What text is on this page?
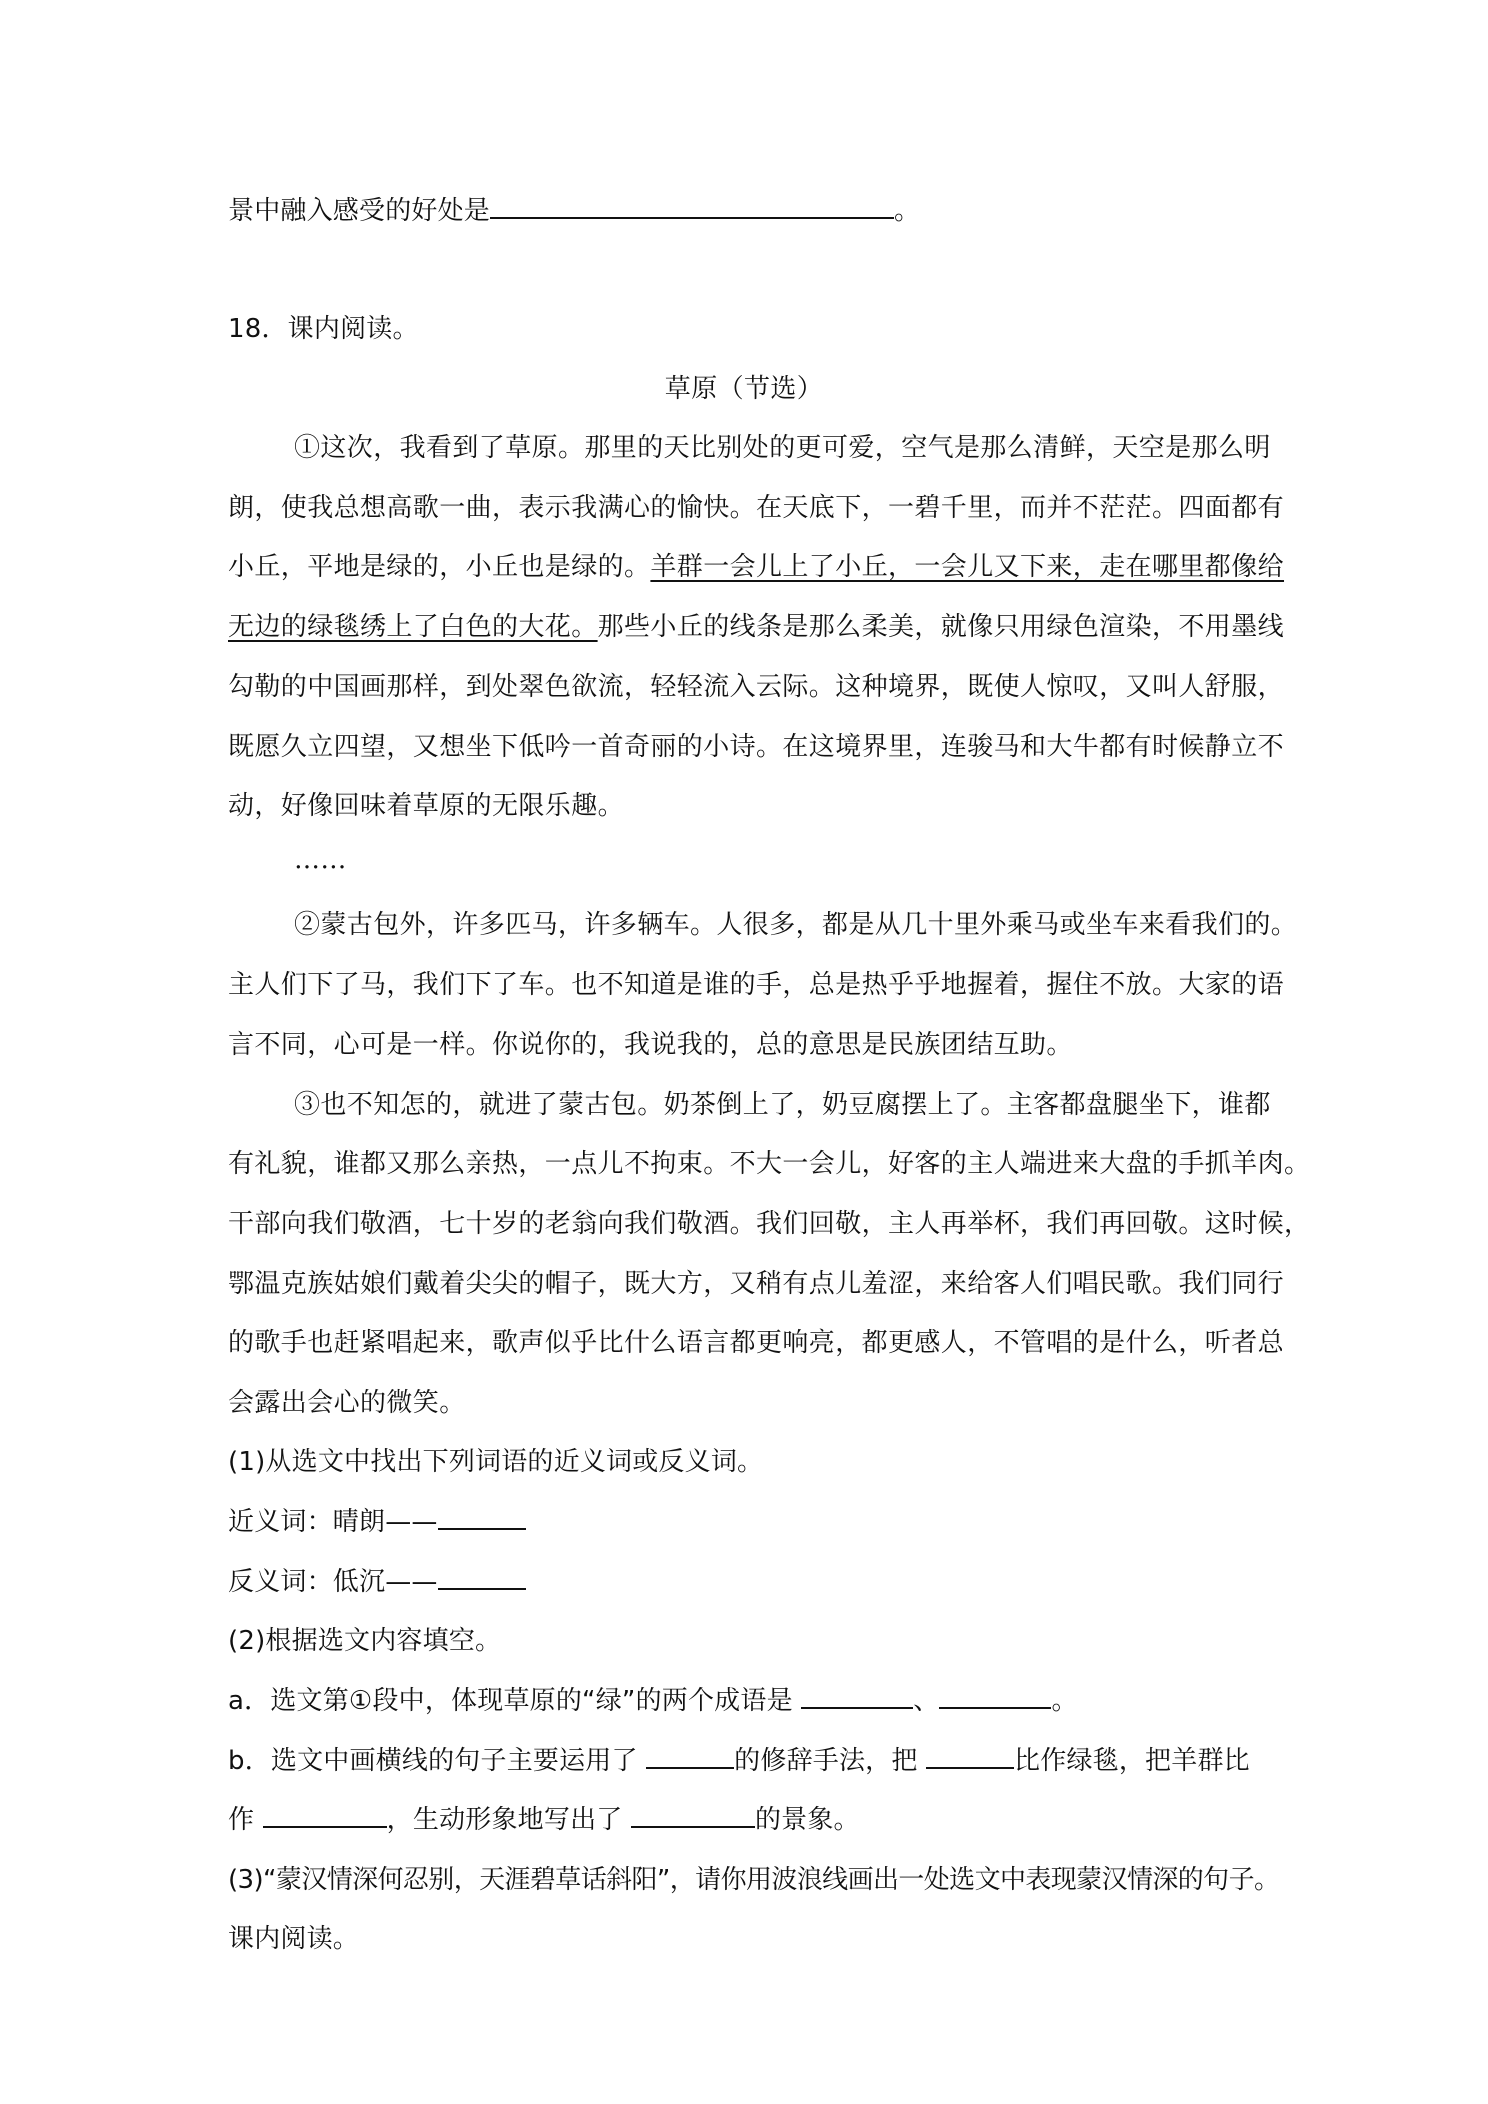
景中融入感受的好处是	。
18．课内阅读。
草原（节选）
①这次，我看到了草原。那里的天比别处的更可爱，空气是那么清鲜，天空是那么明
朗，使我总想高歌一曲，表示我满心的愉快。在天底下，一碧千里，而并不茫茫。四面都有
小丘，平地是绿的，小丘也是绿的。羊群一会儿上了小丘，一会儿又下来，走在哪里都像给
无边的绿毯绣上了白色的大花。那些小丘的线条是那么柔美，就像只用绿色渲染，不用墨线
勾勒的中国画那样，到处翠色欲流，轻轻流入云际。这种境界，既使人惊叹，又叫人舒服，
既愿久立四望，又想坐下低吟一首奇丽的小诗。在这境界里，连骏马和大牛都有时候静立不
动，好像回味着草原的无限乐趣。
……
②蒙古包外，许多匹马，许多辆车。人很多，都是从几十里外乘马或坐车来看我们的。
主人们下了马，我们下了车。也不知道是谁的手，总是热乎乎地握着，握住不放。大家的语
言不同，心可是一样。你说你的，我说我的，总的意思是民族团结互助。
③也不知怎的，就进了蒙古包。奶茶倒上了，奶豆腐摆上了。主客都盘腿坐下，谁都
有礼貌，谁都又那么亲热，一点儿不拘束。不大一会儿，好客的主人端进来大盘的手抓羊肉。
干部向我们敬酒，七十岁的老翁向我们敬酒。我们回敬，主人再举杯，我们再回敬。这时候，
鄂温克族姑娘们戴着尖尖的帽子，既大方，又稍有点儿羞涩，来给客人们唱民歌。我们同行
的歌手也赶紧唱起来，歌声似乎比什么语言都更响亮，都更感人，不管唱的是什么，听者总
会露出会心的微笑。
(1)从选文中找出下列词语的近义词或反义词。
近义词：晴朗——
反义词：低沉——
(2)根据选文内容填空。
a．选文第①段中，体现草原的“绿”的两个成语是	、	。
b．选文中画横线的句子主要运用了	的修辞手法，把	比作绿毯，把羊群比
作	，生动形象地写出了	的景象。
(3)“蒙汉情深何忍别，天涯碧草话斜阳”，请你用波浪线画出一处选文中表现蒙汉情深的句子。
课内阅读。
